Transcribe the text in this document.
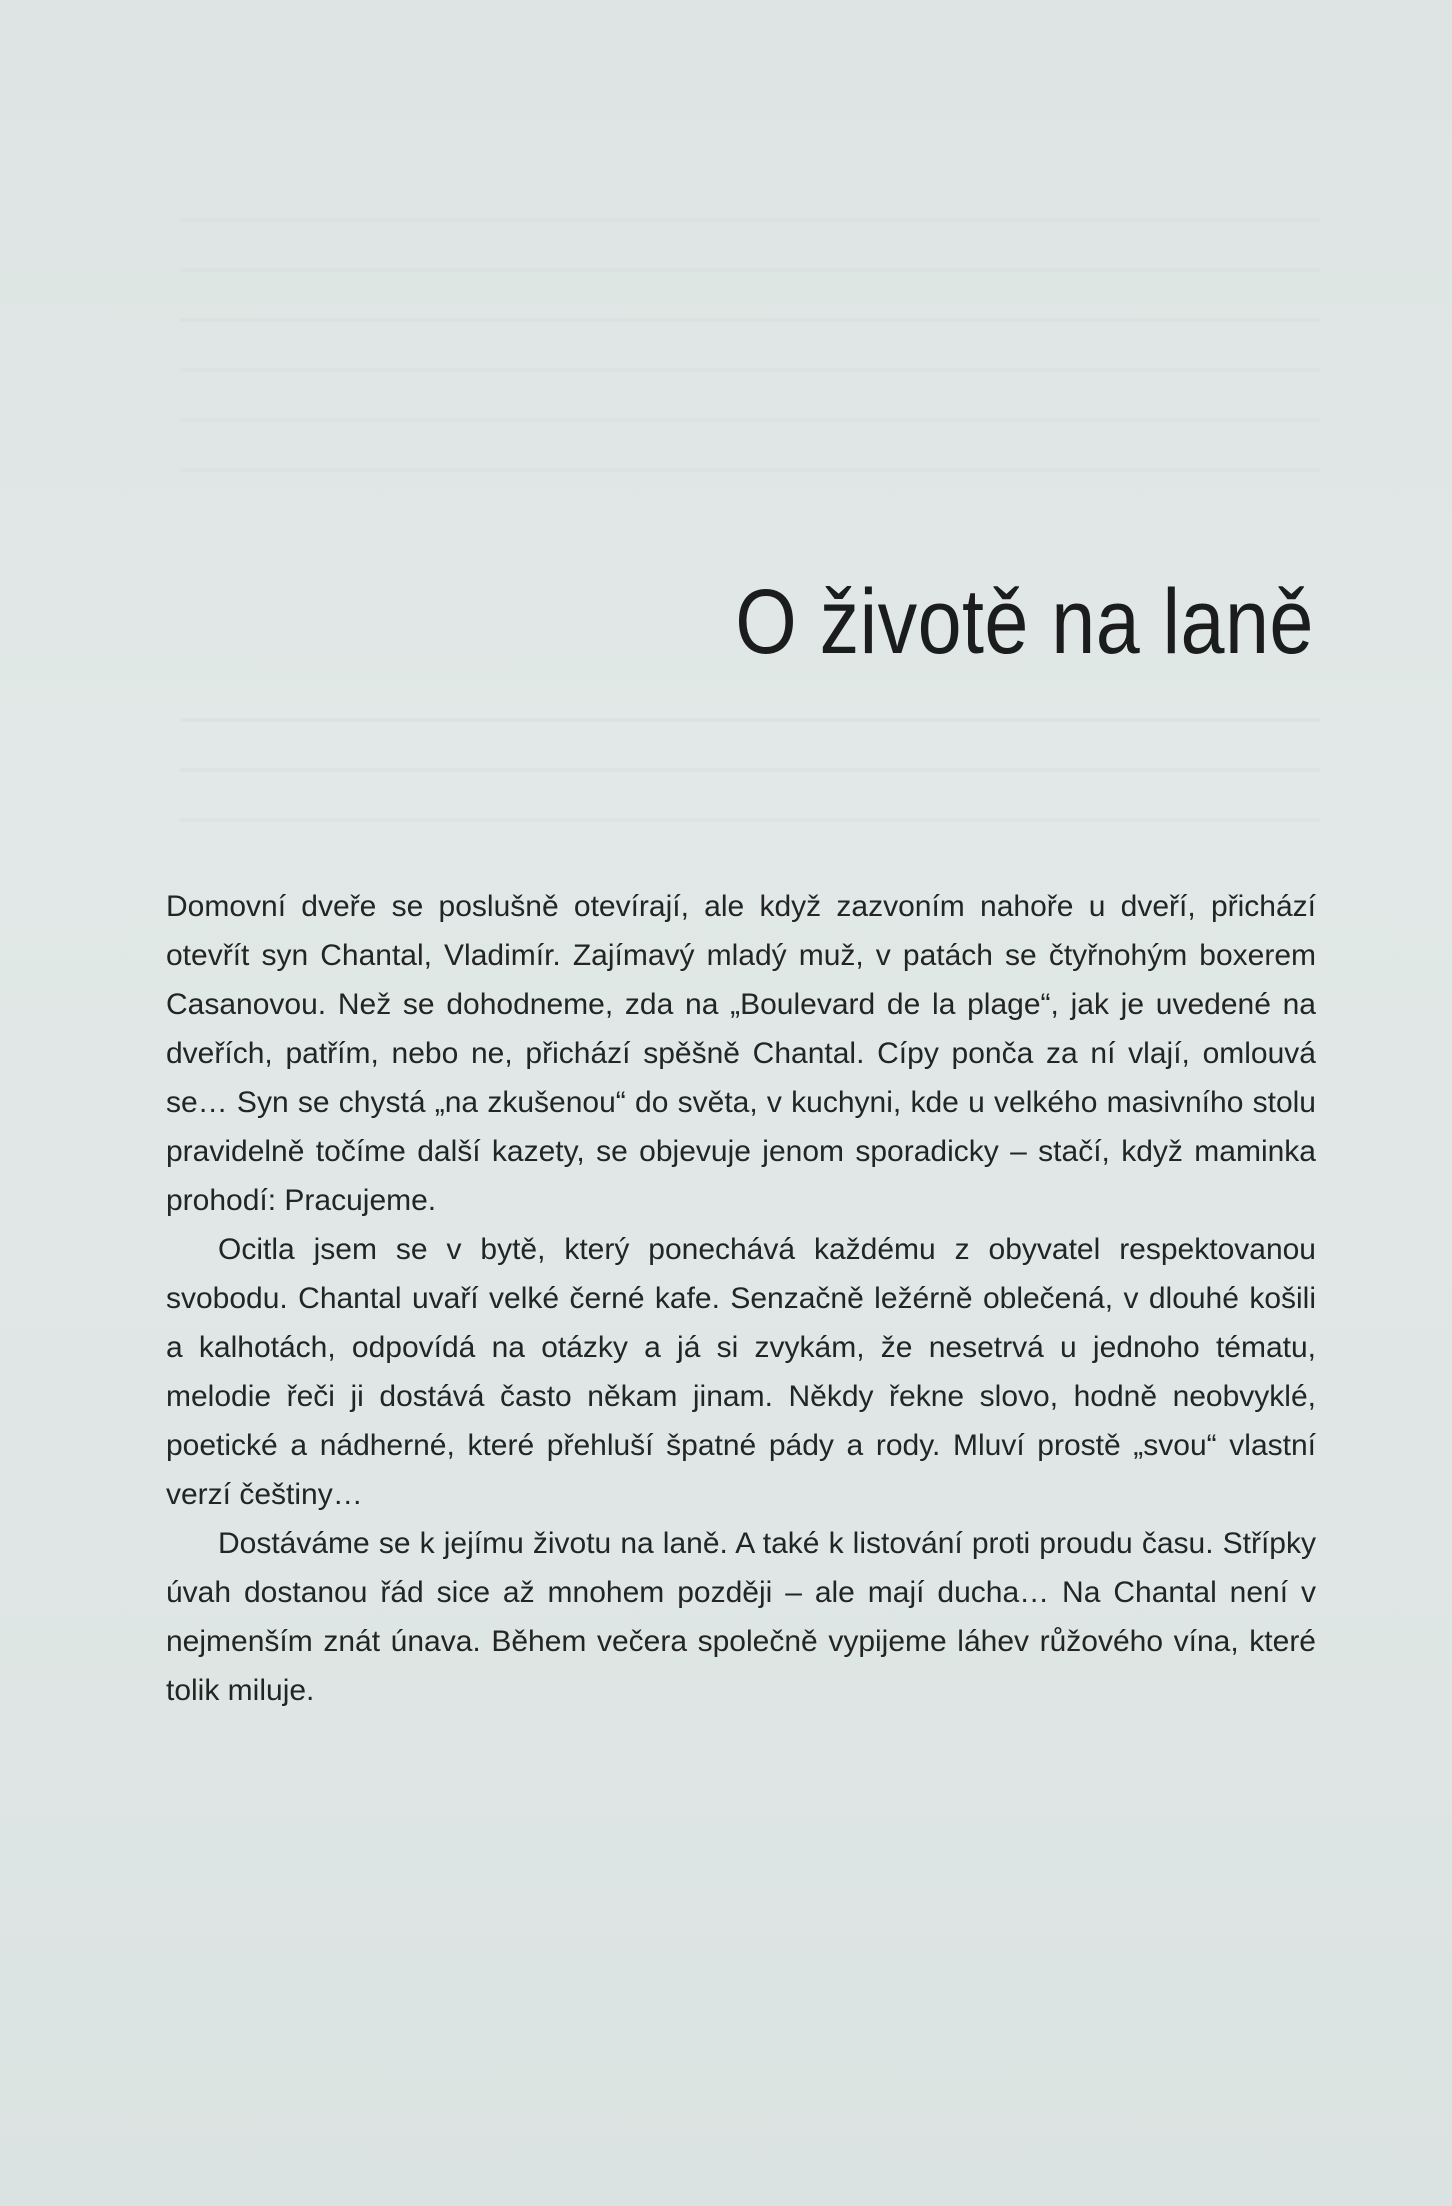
O životě na laně

Domovní dveře se poslušně otevírají, ale když zazvoním nahoře u dveří, přichází otevřít syn Chantal, Vladimír. Zajímavý mladý muž, v patách se čtyřnohým boxerem Casanovou. Než se dohodneme, zda na „Boulevard de la plage“, jak je uvedené na dveřích, patřím, nebo ne, přichází spěšně Chantal. Cípy ponča za ní vlají, omlouvá se… Syn se chystá „na zkušenou“ do světa, v kuchyni, kde u velkého masivního stolu pravidelně točíme další kazety, se objevuje jenom sporadicky – stačí, když maminka prohodí: Pracujeme.

Ocitla jsem se v bytě, který ponechává každému z obyvatel respektovanou svobodu. Chantal uvaří velké černé kafe. Senzačně ležérně oblečená, v dlouhé košili a kalhotách, odpovídá na otázky a já si zvykám, že nesetrvá u jednoho tématu, melodie řeči ji dostává často někam jinam. Někdy řekne slovo, hodně neobvyklé, poetické a nádherné, které přehluší špatné pády a rody. Mluví prostě „svou“ vlastní verzí češtiny…

Dostáváme se k jejímu životu na laně. A také k listování proti proudu času. Střípky úvah dostanou řád sice až mnohem později – ale mají ducha… Na Chantal není v nejmenším znát únava. Během večera společně vypijeme láhev růžového vína, které tolik miluje.
